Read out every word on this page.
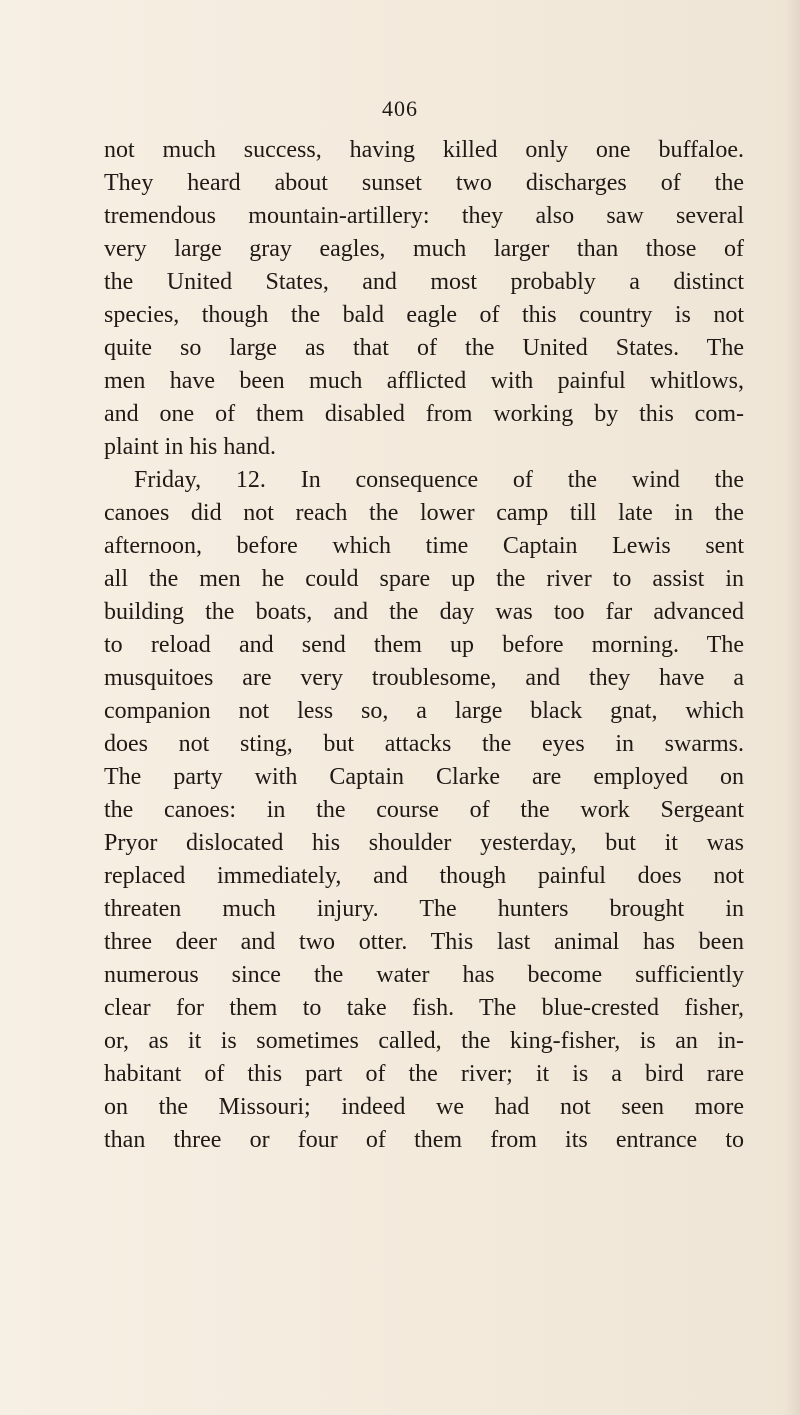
406
not much success, having killed only one buffaloe.
They heard about sunset two discharges of the
tremendous mountain-artillery: they also saw several
very large gray eagles, much larger than those of
the United States, and most probably a distinct
species, though the bald eagle of this country is not
quite so large as that of the United States. The
men have been much afflicted with painful whitlows,
and one of them disabled from working by this com-
plaint in his hand.
Friday, 12. In consequence of the wind the
canoes did not reach the lower camp till late in the
afternoon, before which time Captain Lewis sent
all the men he could spare up the river to assist in
building the boats, and the day was too far advanced
to reload and send them up before morning. The
musquitoes are very troublesome, and they have a
companion not less so, a large black gnat, which
does not sting, but attacks the eyes in swarms.
The party with Captain Clarke are employed on
the canoes: in the course of the work Sergeant
Pryor dislocated his shoulder yesterday, but it was
replaced immediately, and though painful does not
threaten much injury. The hunters brought in
three deer and two otter. This last animal has been
numerous since the water has become sufficiently
clear for them to take fish. The blue-crested fisher,
or, as it is sometimes called, the king-fisher, is an in-
habitant of this part of the river; it is a bird rare
on the Missouri; indeed we had not seen more
than three or four of them from its entrance to
